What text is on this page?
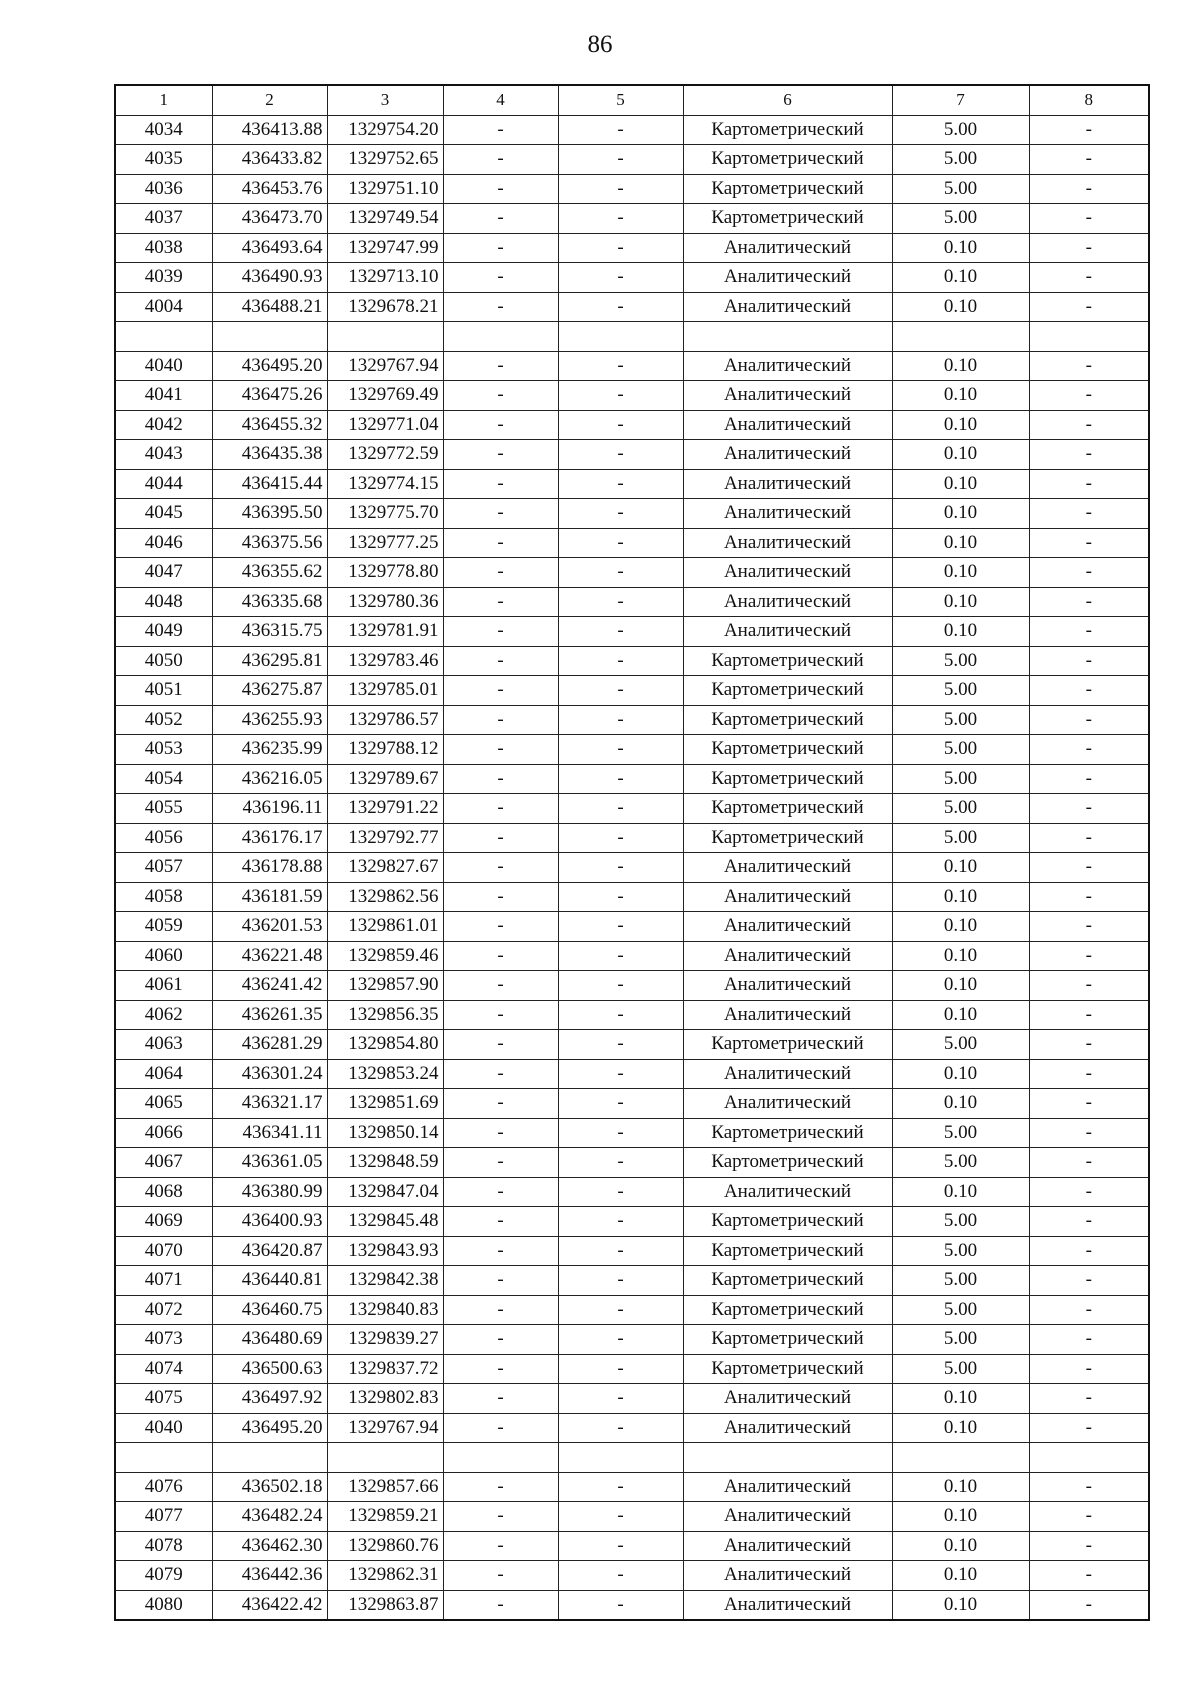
86
1	2	3	4	5	6	7	8
4034	436413.88	1329754.20	-	-	Картометрический	5.00	-
4035	436433.82	1329752.65	-	-	Картометрический	5.00	-
4036	436453.76	1329751.10	-	-	Картометрический	5.00	-
4037	436473.70	1329749.54	-	-	Картометрический	5.00	-
4038	436493.64	1329747.99	-	-	Аналитический	0.10	-
4039	436490.93	1329713.10	-	-	Аналитический	0.10	-
4004	436488.21	1329678.21	-	-	Аналитический	0.10	-

4040	436495.20	1329767.94	-	-	Аналитический	0.10	-
4041	436475.26	1329769.49	-	-	Аналитический	0.10	-
4042	436455.32	1329771.04	-	-	Аналитический	0.10	-
4043	436435.38	1329772.59	-	-	Аналитический	0.10	-
4044	436415.44	1329774.15	-	-	Аналитический	0.10	-
4045	436395.50	1329775.70	-	-	Аналитический	0.10	-
4046	436375.56	1329777.25	-	-	Аналитический	0.10	-
4047	436355.62	1329778.80	-	-	Аналитический	0.10	-
4048	436335.68	1329780.36	-	-	Аналитический	0.10	-
4049	436315.75	1329781.91	-	-	Аналитический	0.10	-
4050	436295.81	1329783.46	-	-	Картометрический	5.00	-
4051	436275.87	1329785.01	-	-	Картометрический	5.00	-
4052	436255.93	1329786.57	-	-	Картометрический	5.00	-
4053	436235.99	1329788.12	-	-	Картометрический	5.00	-
4054	436216.05	1329789.67	-	-	Картометрический	5.00	-
4055	436196.11	1329791.22	-	-	Картометрический	5.00	-
4056	436176.17	1329792.77	-	-	Картометрический	5.00	-
4057	436178.88	1329827.67	-	-	Аналитический	0.10	-
4058	436181.59	1329862.56	-	-	Аналитический	0.10	-
4059	436201.53	1329861.01	-	-	Аналитический	0.10	-
4060	436221.48	1329859.46	-	-	Аналитический	0.10	-
4061	436241.42	1329857.90	-	-	Аналитический	0.10	-
4062	436261.35	1329856.35	-	-	Аналитический	0.10	-
4063	436281.29	1329854.80	-	-	Картометрический	5.00	-
4064	436301.24	1329853.24	-	-	Аналитический	0.10	-
4065	436321.17	1329851.69	-	-	Аналитический	0.10	-
4066	436341.11	1329850.14	-	-	Картометрический	5.00	-
4067	436361.05	1329848.59	-	-	Картометрический	5.00	-
4068	436380.99	1329847.04	-	-	Аналитический	0.10	-
4069	436400.93	1329845.48	-	-	Картометрический	5.00	-
4070	436420.87	1329843.93	-	-	Картометрический	5.00	-
4071	436440.81	1329842.38	-	-	Картометрический	5.00	-
4072	436460.75	1329840.83	-	-	Картометрический	5.00	-
4073	436480.69	1329839.27	-	-	Картометрический	5.00	-
4074	436500.63	1329837.72	-	-	Картометрический	5.00	-
4075	436497.92	1329802.83	-	-	Аналитический	0.10	-
4040	436495.20	1329767.94	-	-	Аналитический	0.10	-

4076	436502.18	1329857.66	-	-	Аналитический	0.10	-
4077	436482.24	1329859.21	-	-	Аналитический	0.10	-
4078	436462.30	1329860.76	-	-	Аналитический	0.10	-
4079	436442.36	1329862.31	-	-	Аналитический	0.10	-
4080	436422.42	1329863.87	-	-	Аналитический	0.10	-
